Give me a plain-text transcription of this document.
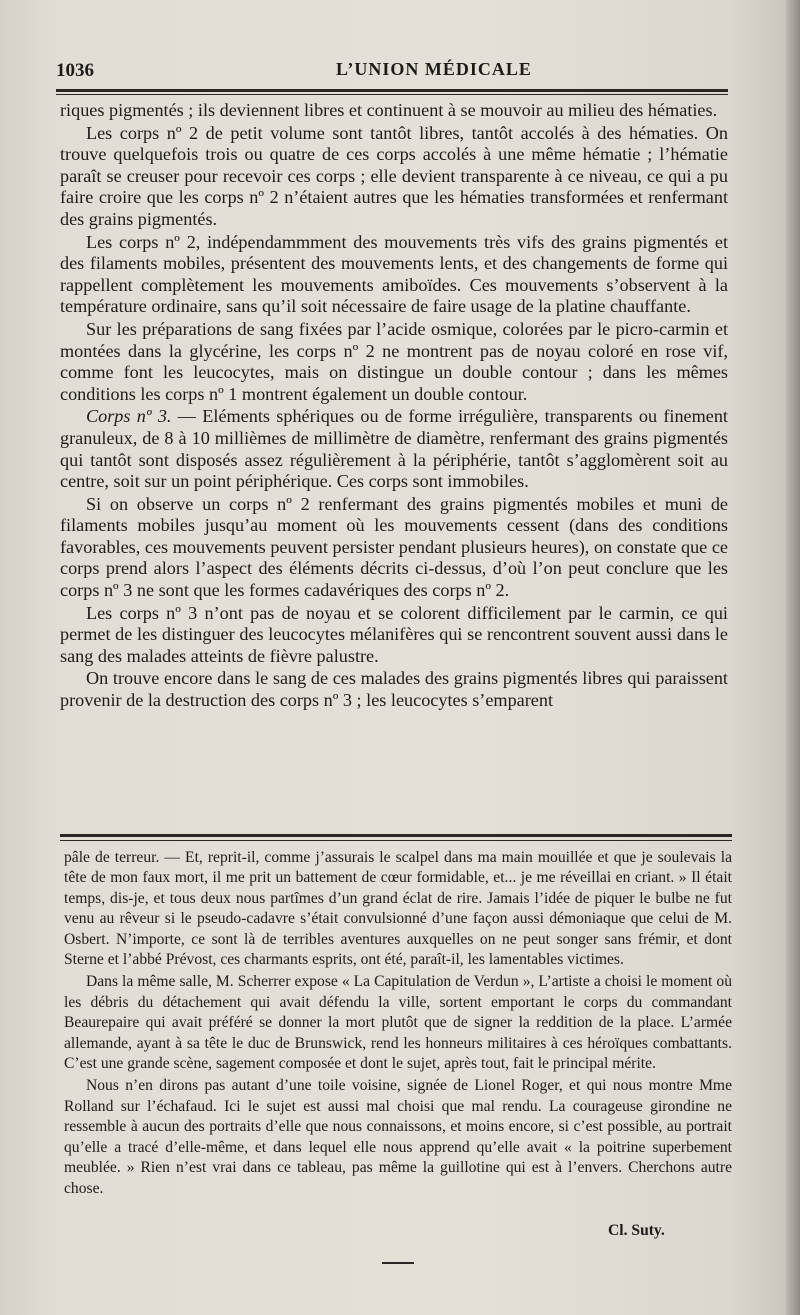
1036	L’UNION MÉDICALE

riques pigmentés ; ils deviennent libres et continuent à se mouvoir au milieu des hématies.

Les corps nº 2 de petit volume sont tantôt libres, tantôt accolés à des hématies. On trouve quelquefois trois ou quatre de ces corps accolés à une même hématie ; l’hématie paraît se creuser pour recevoir ces corps ; elle devient transparente à ce niveau, ce qui a pu faire croire que les corps nº 2 n’étaient autres que les hématies transformées et renfermant des grains pigmentés.

Les corps nº 2, indépendammment des mouvements très vifs des grains pigmentés et des filaments mobiles, présentent des mouvements lents, et des changements de forme qui rappellent complètement les mouvements amiboïdes. Ces mouvements s’observent à la température ordinaire, sans qu’il soit nécessaire de faire usage de la platine chauffante.

Sur les préparations de sang fixées par l’acide osmique, colorées par le picro-carmin et montées dans la glycérine, les corps nº 2 ne montrent pas de noyau coloré en rose vif, comme font les leucocytes, mais on distingue un double contour ; dans les mêmes conditions les corps nº 1 montrent également un double contour.

Corps nº 3. — Eléments sphériques ou de forme irrégulière, transparents ou finement granuleux, de 8 à 10 millièmes de millimètre de diamètre, renfermant des grains pigmentés qui tantôt sont disposés assez régulièrement à la périphérie, tantôt s’agglomèrent soit au centre, soit sur un point périphérique. Ces corps sont immobiles.

Si on observe un corps nº 2 renfermant des grains pigmentés mobiles et muni de filaments mobiles jusqu’au moment où les mouvements cessent (dans des conditions favorables, ces mouvements peuvent persister pendant plusieurs heures), on constate que ce corps prend alors l’aspect des éléments décrits ci-dessus, d’où l’on peut conclure que les corps nº 3 ne sont que les formes cadavériques des corps nº 2.

Les corps nº 3 n’ont pas de noyau et se colorent difficilement par le carmin, ce qui permet de les distinguer des leucocytes mélanifères qui se rencontrent souvent aussi dans le sang des malades atteints de fièvre palustre.

On trouve encore dans le sang de ces malades des grains pigmentés libres qui paraissent provenir de la destruction des corps nº 3 ; les leucocytes s’emparent

pâle de terreur. — Et, reprit-il, comme j’assurais le scalpel dans ma main mouillée et que je soulevais la tête de mon faux mort, il me prit un battement de cœur formidable, et... je me réveillai en criant. » Il était temps, dis-je, et tous deux nous partîmes d’un grand éclat de rire. Jamais l’idée de piquer le bulbe ne fut venu au rêveur si le pseudo-cadavre s’était convulsionné d’une façon aussi démoniaque que celui de M. Osbert. N’importe, ce sont là de terribles aventures auxquelles on ne peut songer sans frémir, et dont Sterne et l’abbé Prévost, ces charmants esprits, ont été, paraît-il, les lamentables victimes.

Dans la même salle, M. Scherrer expose « La Capitulation de Verdun », L’artiste a choisi le moment où les débris du détachement qui avait défendu la ville, sortent emportant le corps du commandant Beaurepaire qui avait préféré se donner la mort plutôt que de signer la reddition de la place. L’armée allemande, ayant à sa tête le duc de Brunswick, rend les honneurs militaires à ces héroïques combattants. C’est une grande scène, sagement composée et dont le sujet, après tout, fait le principal mérite.

Nous n’en dirons pas autant d’une toile voisine, signée de Lionel Roger, et qui nous montre Mme Rolland sur l’échafaud. Ici le sujet est aussi mal choisi que mal rendu. La courageuse girondine ne ressemble à aucun des portraits d’elle que nous connaissons, et moins encore, si c’est possible, au portrait qu’elle a tracé d’elle-même, et dans lequel elle nous apprend qu’elle avait « la poitrine superbement meublée. » Rien n’est vrai dans ce tableau, pas même la guillotine qui est à l’envers. Cherchons autre chose.

Cl. Suty.
